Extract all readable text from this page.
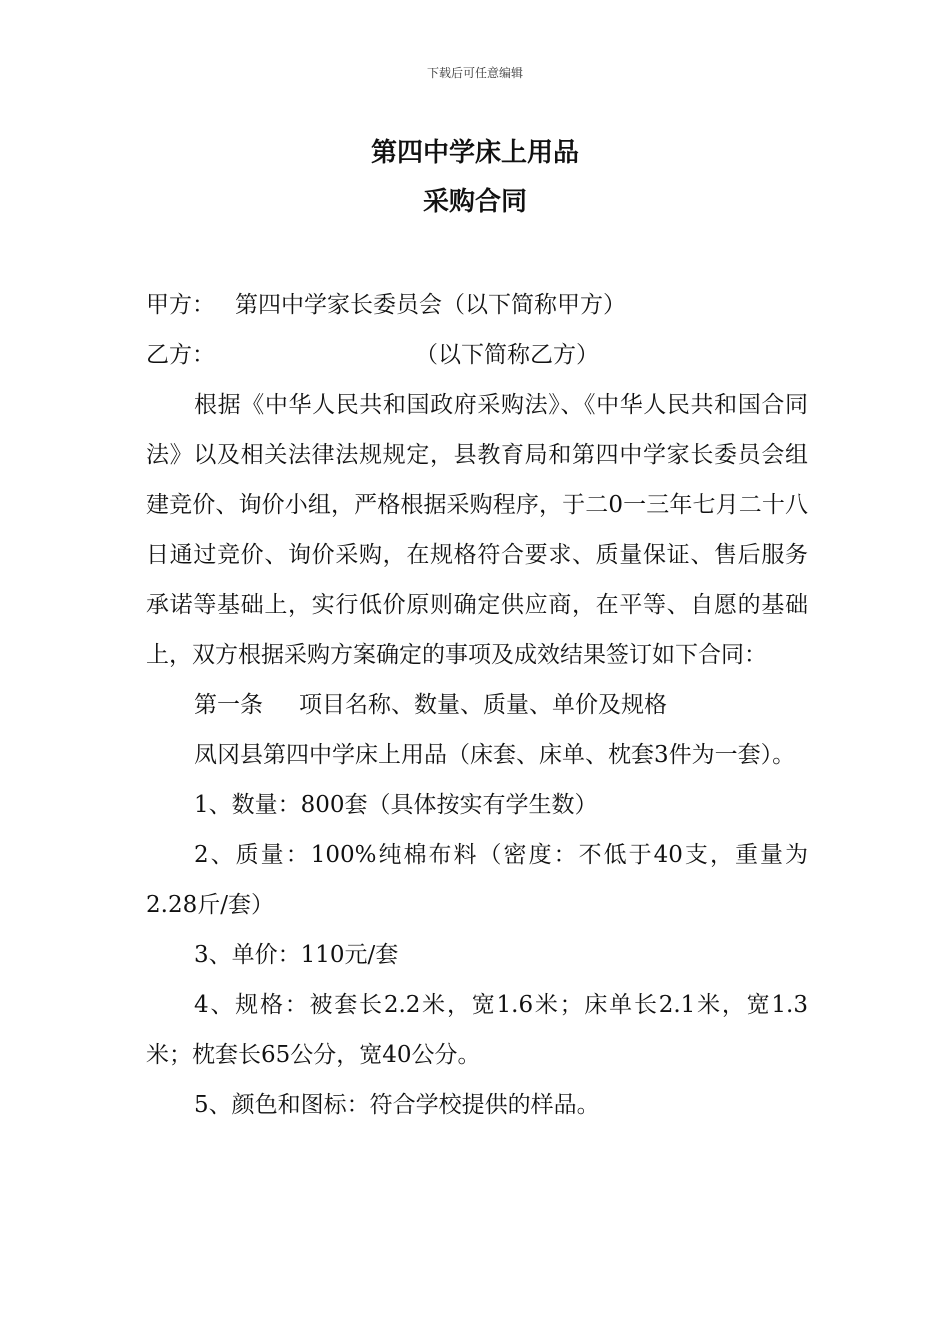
下载后可任意编辑
第四中学床上用品
采购合同

甲方： 第四中学家长委员会（以下简称甲方）

乙方：	（以下简称乙方）

根据《中华人民共和国政府采购法》、《中华人民共和国合同法》以及相关法律法规规定，县教育局和第四中学家长委员会组建竞价、询价小组，严格根据采购程序，于二0一三年七月二十八日通过竞价、询价采购，在规格符合要求、质量保证、售后服务承诺等基础上，实行低价原则确定供应商，在平等、自愿的基础上，双方根据采购方案确定的事项及成效结果签订如下合同：

第一条 项目名称、数量、质量、单价及规格

凤冈县第四中学床上用品（床套、床单、枕套3件为一套）。

1、数量：800套（具体按实有学生数）

2、质量：100%纯棉布料（密度：不低于40支，重量为2.28斤/套）

3、单价：110元/套

4、规格：被套长2.2米，宽1.6米；床单长2.1米，宽1.3米；枕套长65公分，宽40公分。

5、颜色和图标：符合学校提供的样品。
